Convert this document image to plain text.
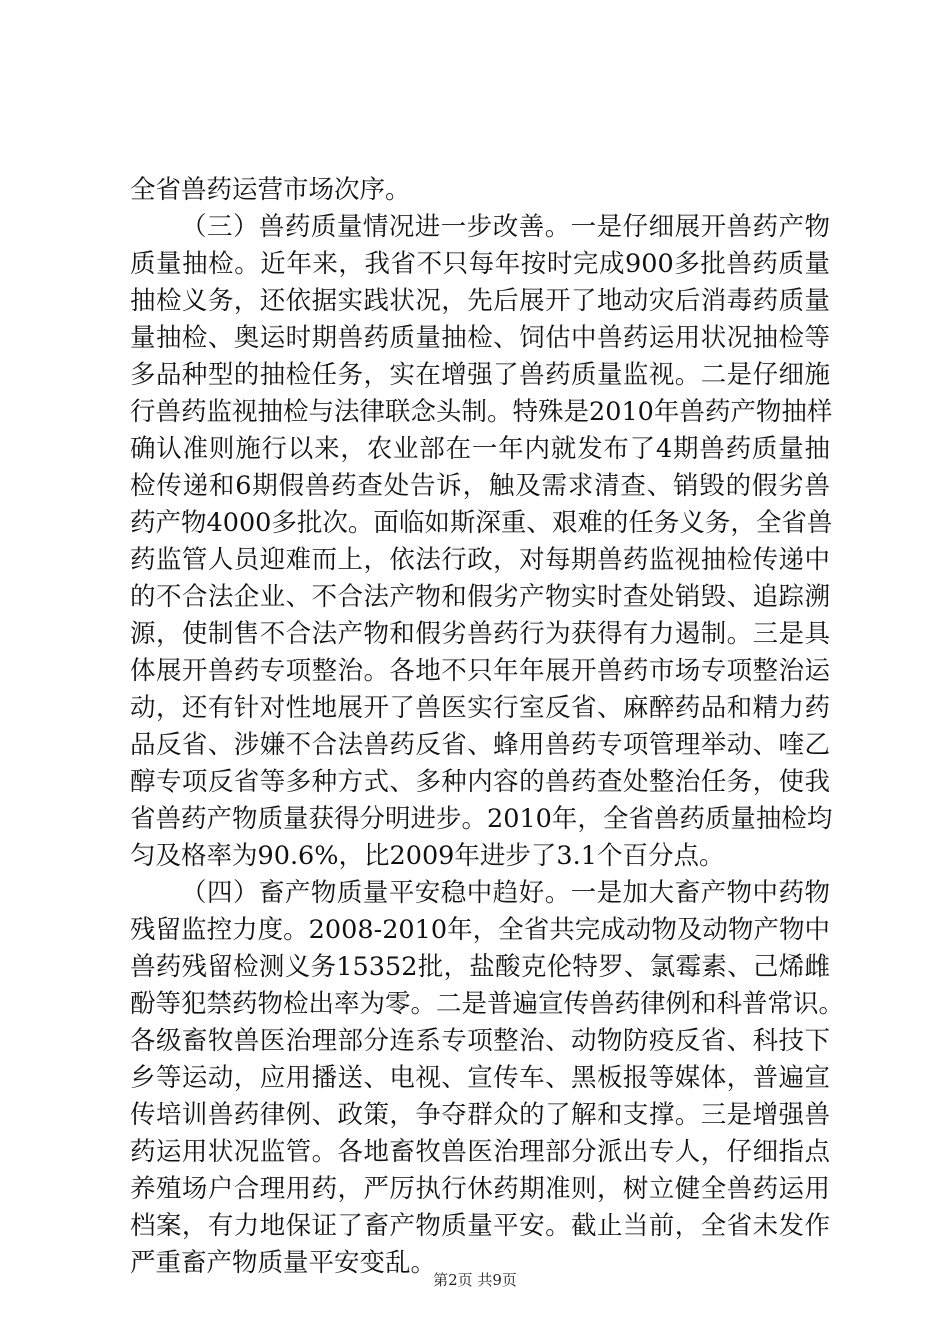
全省兽药运营市场次序。
（三）兽药质量情况进一步改善。一是仔细展开兽药产物
质量抽检。近年来，我省不只每年按时完成900多批兽药质量
抽检义务，还依据实践状况，先后展开了地动灾后消毒药质量
量抽检、奥运时期兽药质量抽检、饲估中兽药运用状况抽检等
多品种型的抽检任务，实在增强了兽药质量监视。二是仔细施
行兽药监视抽检与法律联念头制。特殊是2010年兽药产物抽样
确认准则施行以来，农业部在一年内就发布了4期兽药质量抽
检传递和6期假兽药查处告诉，触及需求清查、销毁的假劣兽
药产物4000多批次。面临如斯深重、艰难的任务义务，全省兽
药监管人员迎难而上，依法行政，对每期兽药监视抽检传递中
的不合法企业、不合法产物和假劣产物实时查处销毁、追踪溯
源，使制售不合法产物和假劣兽药行为获得有力遏制。三是具
体展开兽药专项整治。各地不只年年展开兽药市场专项整治运
动，还有针对性地展开了兽医实行室反省、麻醉药品和精力药
品反省、涉嫌不合法兽药反省、蜂用兽药专项管理举动、喹乙
醇专项反省等多种方式、多种内容的兽药查处整治任务，使我
省兽药产物质量获得分明进步。2010年，全省兽药质量抽检均
匀及格率为90.6%，比2009年进步了3.1个百分点。
（四）畜产物质量平安稳中趋好。一是加大畜产物中药物
残留监控力度。2008-2010年，全省共完成动物及动物产物中
兽药残留检测义务15352批，盐酸克伦特罗、氯霉素、己烯雌
酚等犯禁药物检出率为零。二是普遍宣传兽药律例和科普常识。
各级畜牧兽医治理部分连系专项整治、动物防疫反省、科技下
乡等运动，应用播送、电视、宣传车、黑板报等媒体，普遍宣
传培训兽药律例、政策，争夺群众的了解和支撑。三是增强兽
药运用状况监管。各地畜牧兽医治理部分派出专人，仔细指点
养殖场户合理用药，严厉执行休药期准则，树立健全兽药运用
档案，有力地保证了畜产物质量平安。截止当前，全省未发作
严重畜产物质量平安变乱。
第2页 共9页
